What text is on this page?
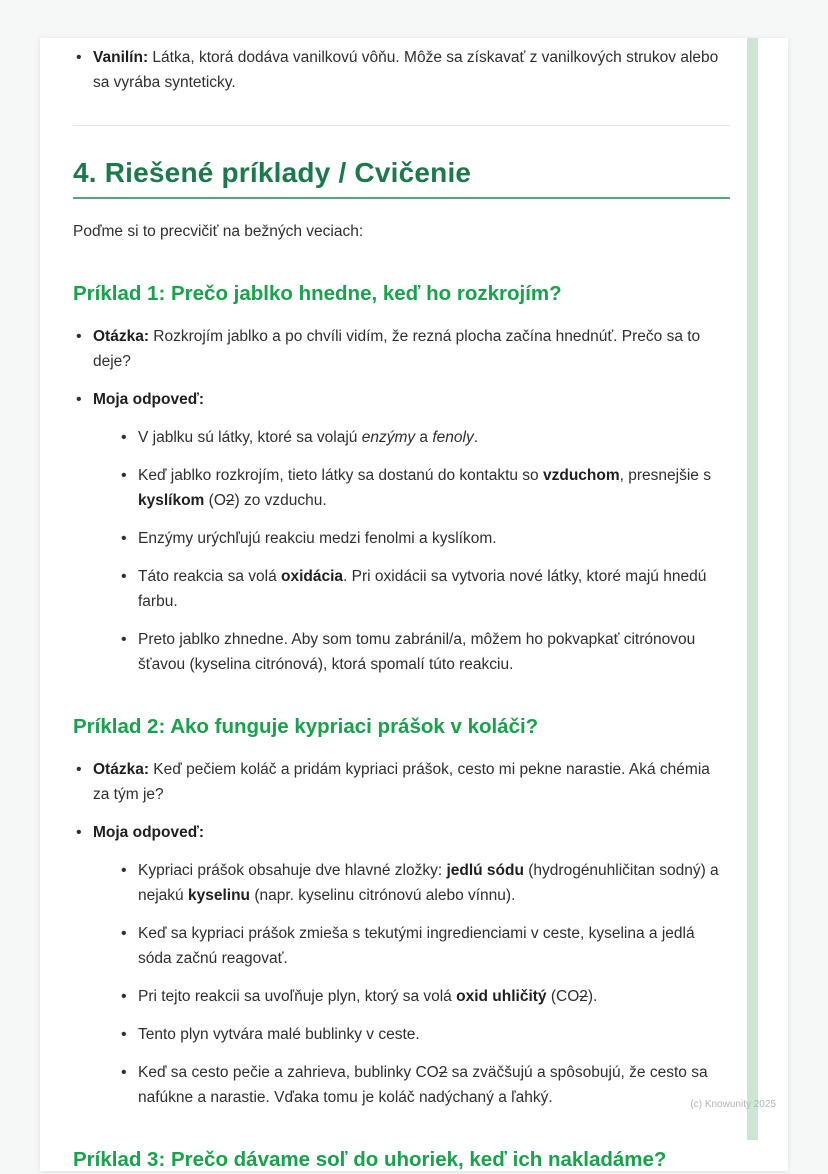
• Vanilín: Látka, ktorá dodáva vanilkovú vôňu. Môže sa získavať z vanilkových strukov alebo sa vyrába synteticky.
4. Riešené príklady / Cvičenie

Poďme si to precvičiť na bežných veciach:

Príklad 1: Prečo jablko hnedne, keď ho rozkrojím?
• Otázka: Rozkrojím jablko a po chvíli vidím, že rezná plocha začína hnednúť. Prečo sa to deje?
• Moja odpoveď:
• V jablku sú látky, ktoré sa volajú enzýmy a fenoly.
• Keď jablko rozkrojím, tieto látky sa dostanú do kontaktu so vzduchom, presnejšie s kyslíkom (O2) zo vzduchu.
• Enzýmy urýchľujú reakciu medzi fenolmi a kyslíkom.
• Táto reakcia sa volá oxidácia. Pri oxidácii sa vytvoria nové látky, ktoré majú hnedú farbu.
• Preto jablko zhnedne. Aby som tomu zabránil/a, môžem ho pokvapkať citrónovou šťavou (kyselina citrónová), ktorá spomalí túto reakciu.
Príklad 2: Ako funguje kypriaci prášok v koláči?
• Otázka: Keď pečiem koláč a pridám kypriaci prášok, cesto mi pekne narastie. Aká chémia za tým je?
• Moja odpoveď:
• Kypriaci prášok obsahuje dve hlavné zložky: jedlú sódu (hydrogénuhličitan sodný) a nejakú kyselinu (napr. kyselinu citrónovú alebo vínnu).
• Keď sa kypriaci prášok zmieša s tekutými ingredienciami v ceste, kyselina a jedlá sóda začnú reagovať.
• Pri tejto reakcii sa uvoľňuje plyn, ktorý sa volá oxid uhličitý (CO2).
• Tento plyn vytvára malé bublinky v ceste.
• Keď sa cesto pečie a zahrieva, bublinky CO2 sa zväčšujú a spôsobujú, že cesto sa nafúkne a narastie. Vďaka tomu je koláč nadýchaný a ľahký.
Príklad 3: Prečo dávame soľ do uhoriek, keď ich nakladáme?
(c) Knowunity 2025
